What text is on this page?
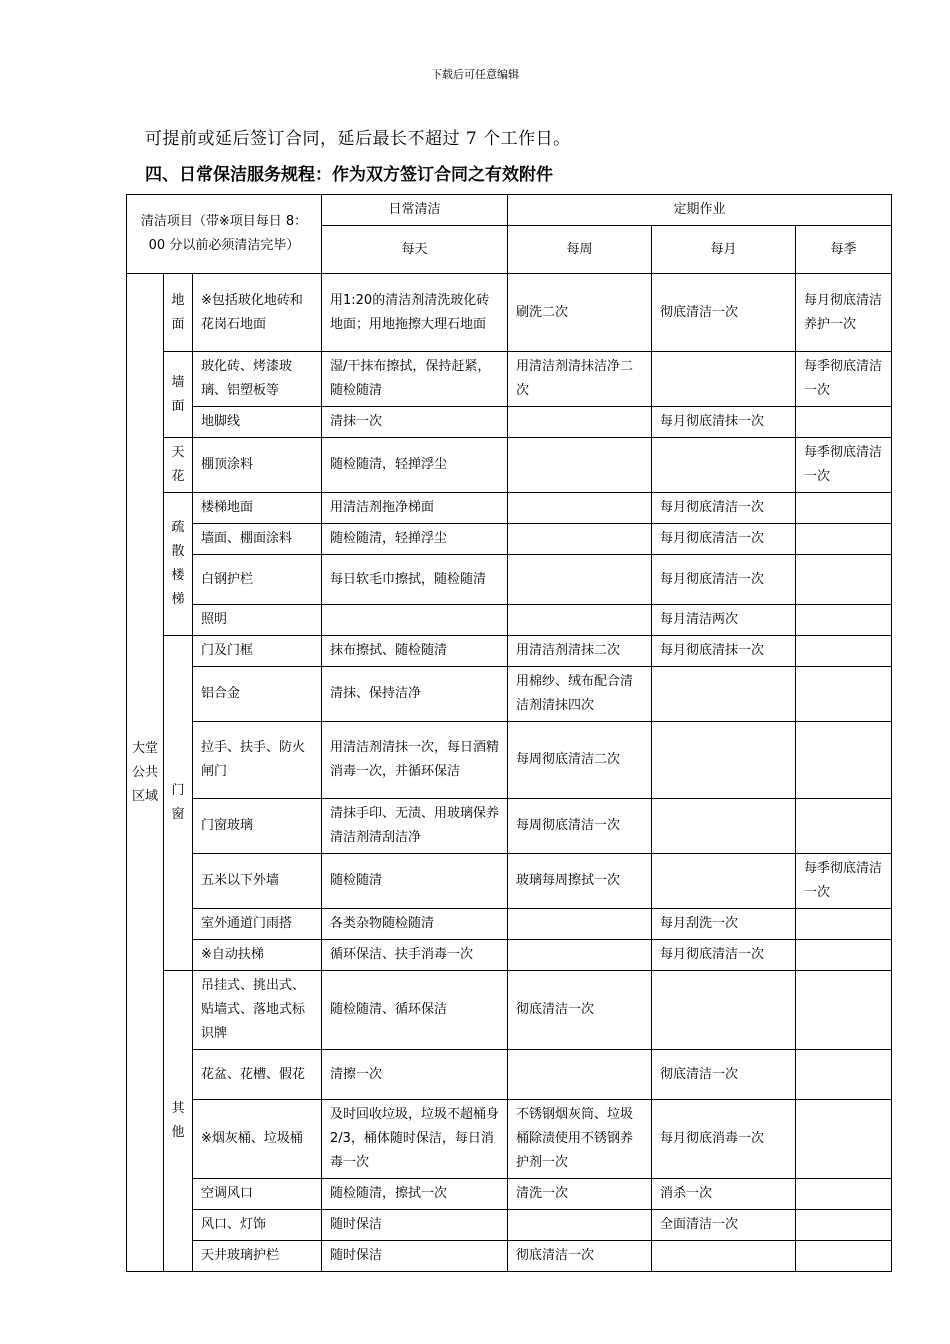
下载后可任意编辑
可提前或延后签订合同，延后最长不超过 7 个工作日。
四、日常保洁服务规程：作为双方签订合同之有效附件
清洁项目（带※项目每日 8：00 分以前必须清洁完毕）			日常清洁	定期作业		
			每天	每周	每月	每季
大堂公共区域	地面	※包括玻化地砖和花岗石地面	用1:20的清洁剂清洗玻化砖地面；用地拖擦大理石地面	刷洗二次	彻底清洁一次	每月彻底清洁养护一次
	墙面	玻化砖、烤漆玻璃、铝塑板等	湿/干抹布擦拭，保持赶紧，随检随清	用清洁剂清抹洁净二次		每季彻底清洁一次
		地脚线	清抹一次		每月彻底清抹一次	
	天花	棚顶涂料	随检随清，轻掸浮尘			每季彻底清洁一次
	疏散楼梯	楼梯地面	用清洁剂拖净梯面		每月彻底清洁一次	
		墙面、棚面涂料	随检随清，轻掸浮尘		每月彻底清洁一次	
		白钢护栏	每日软毛巾擦拭，随检随清		每月彻底清洁一次	
		照明			每月清洁两次	
	门窗	门及门框	抹布擦拭、随检随清	用清洁剂清抹二次	每月彻底清抹一次	
		铝合金	清抹、保持洁净	用棉纱、绒布配合清洁剂清抹四次		
		拉手、扶手、防火闸门	用清洁剂清抹一次，每日酒精消毒一次，并循环保洁	每周彻底清洁二次		
		门窗玻璃	清抹手印、无渍、用玻璃保养清洁剂清刮洁净	每周彻底清洁一次		
		五米以下外墙	随检随清	玻璃每周擦拭一次		每季彻底清洁一次
		室外通道门雨搭	各类杂物随检随清		每月刮洗一次	
		※自动扶梯	循环保洁、扶手消毒一次		每月彻底清洁一次	
	其他	吊挂式、挑出式、贴墙式、落地式标识牌	随检随清、循环保洁	彻底清洁一次		
		花盆、花槽、假花	清擦一次		彻底清洁一次	
		※烟灰桶、垃圾桶	及时回收垃圾，垃圾不超桶身2/3，桶体随时保洁，每日消毒一次	不锈钢烟灰筒、垃圾桶除渍使用不锈钢养护剂一次	每月彻底消毒一次	
		空调风口	随检随清，擦拭一次	清洗一次	消杀一次	
		风口、灯饰	随时保洁		全面清洁一次	
		天井玻璃护栏	随时保洁	彻底清洁一次		
